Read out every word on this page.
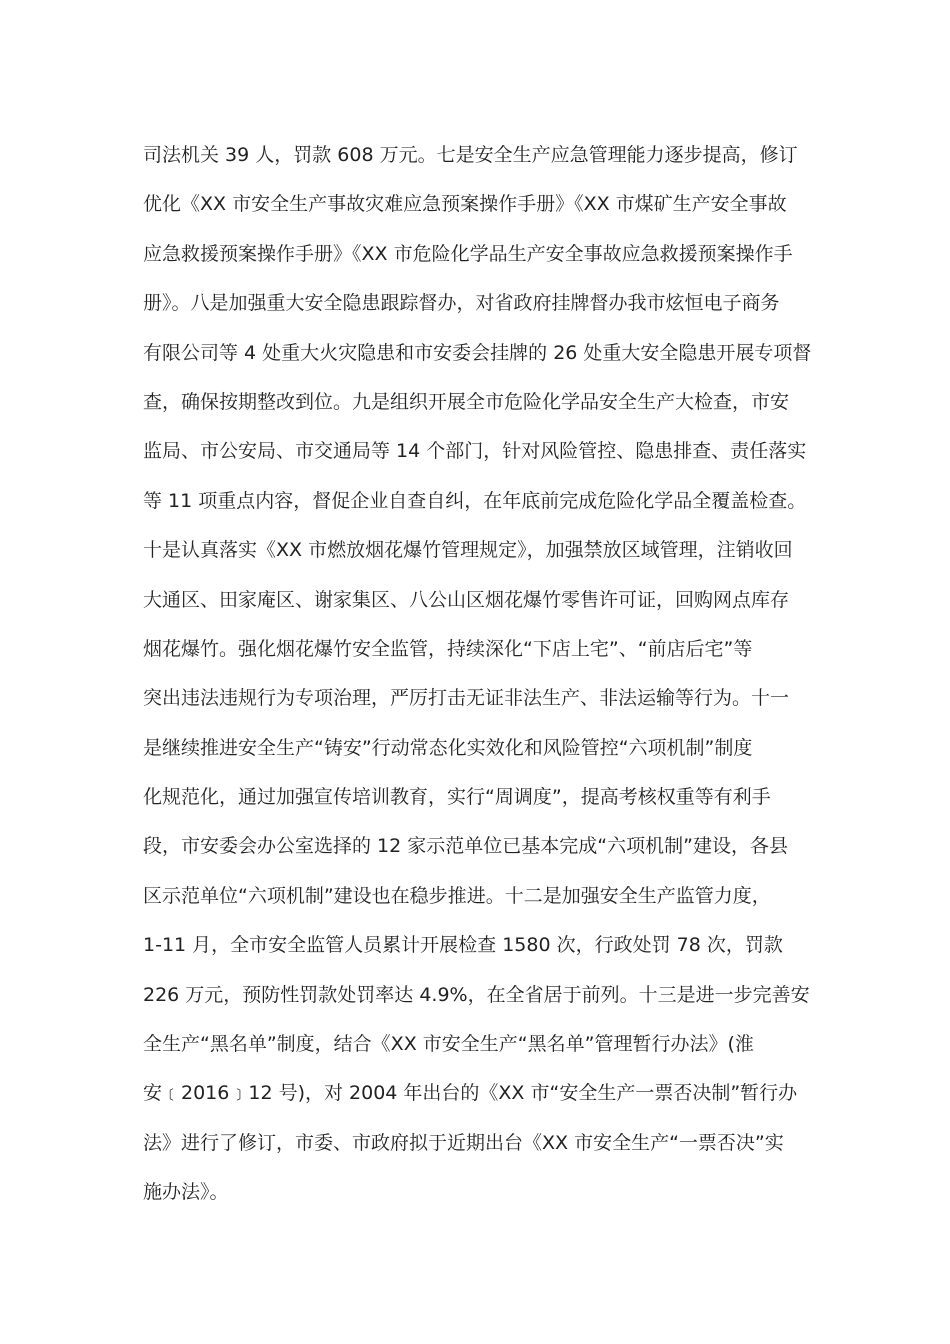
司法机关 39 人，罚款 608 万元。七是安全生产应急管理能力逐步提高，修订
优化《XX 市安全生产事故灾难应急预案操作手册》《XX 市煤矿生产安全事故
应急救援预案操作手册》《XX 市危险化学品生产安全事故应急救援预案操作手
册》。八是加强重大安全隐患跟踪督办，对省政府挂牌督办我市炫恒电子商务
有限公司等 4 处重大火灾隐患和市安委会挂牌的 26 处重大安全隐患开展专项督
查，确保按期整改到位。九是组织开展全市危险化学品安全生产大检查，市安
监局、市公安局、市交通局等 14 个部门，针对风险管控、隐患排查、责任落实
等 11 项重点内容，督促企业自查自纠，在年底前完成危险化学品全覆盖检查。
十是认真落实《XX 市燃放烟花爆竹管理规定》，加强禁放区域管理，注销收回
大通区、田家庵区、谢家集区、八公山区烟花爆竹零售许可证，回购网点库存
烟花爆竹。强化烟花爆竹安全监管，持续深化“下店上宅”、“前店后宅”等
突出违法违规行为专项治理，严厉打击无证非法生产、非法运输等行为。十一
是继续推进安全生产“铸安”行动常态化实效化和风险管控“六项机制”制度
化规范化，通过加强宣传培训教育，实行“周调度”，提高考核权重等有利手
段，市安委会办公室选择的 12 家示范单位已基本完成“六项机制”建设，各县
区示范单位“六项机制”建设也在稳步推进。十二是加强安全生产监管力度，
1-11 月，全市安全监管人员累计开展检查 1580 次，行政处罚 78 次，罚款
226 万元，预防性罚款处罚率达 4.9%，在全省居于前列。十三是进一步完善安
全生产“黑名单”制度，结合《XX 市安全生产“黑名单”管理暂行办法》(淮
安﹝2016﹞12 号)，对 2004 年出台的《XX 市“安全生产一票否决制”暂行办
法》进行了修订，市委、市政府拟于近期出台《XX 市安全生产“一票否决”实
施办法》。
